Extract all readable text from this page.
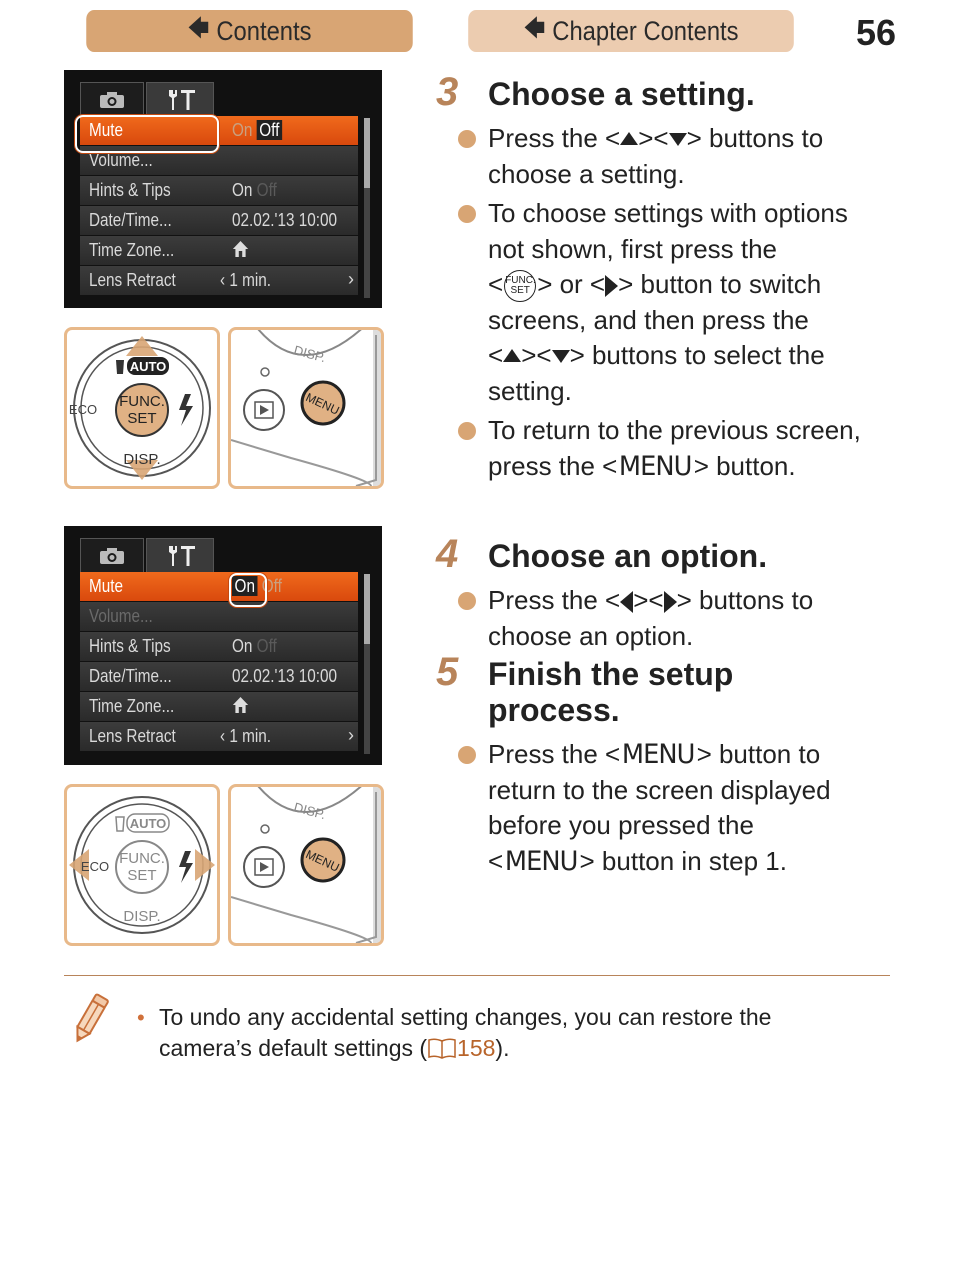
🡄 Contents	🡄 Chapter Contents	56
Mute	On Off
Volume...
Hints & Tips	On Off
Date/Time...	02.02.'13 10:00
Time Zone...
Lens Retract ‹ 1 min.	›
FUNC.
SET
AUTO
ECO
DISP.
DISP.
MENU
Mute	On Off
Volume...
Hints & Tips	On Off
Date/Time...	02.02.'13 10:00
Time Zone...
Lens Retract ‹ 1 min.	›
FUNC.
SET
AUTO
ECO
DISP.
DISP.
MENU
3 Choose a setting.
Press the < >< > buttons to choose a setting.
To choose settings with options
not shown, first press the
< FUNC.
SET > or < > button to switch
screens, and then press the
< >< > buttons to select the
setting.
To return to the previous screen,
press the <MENU> button.
4 Choose an option.
Press the < >< > buttons to
choose an option.
5 Finish the setup
process.
Press the <MENU> button to
return to the screen displayed
before you pressed the
<MENU> button in step 1.
• To undo any accidental setting changes, you can restore the
camera’s default settings ( 158).
